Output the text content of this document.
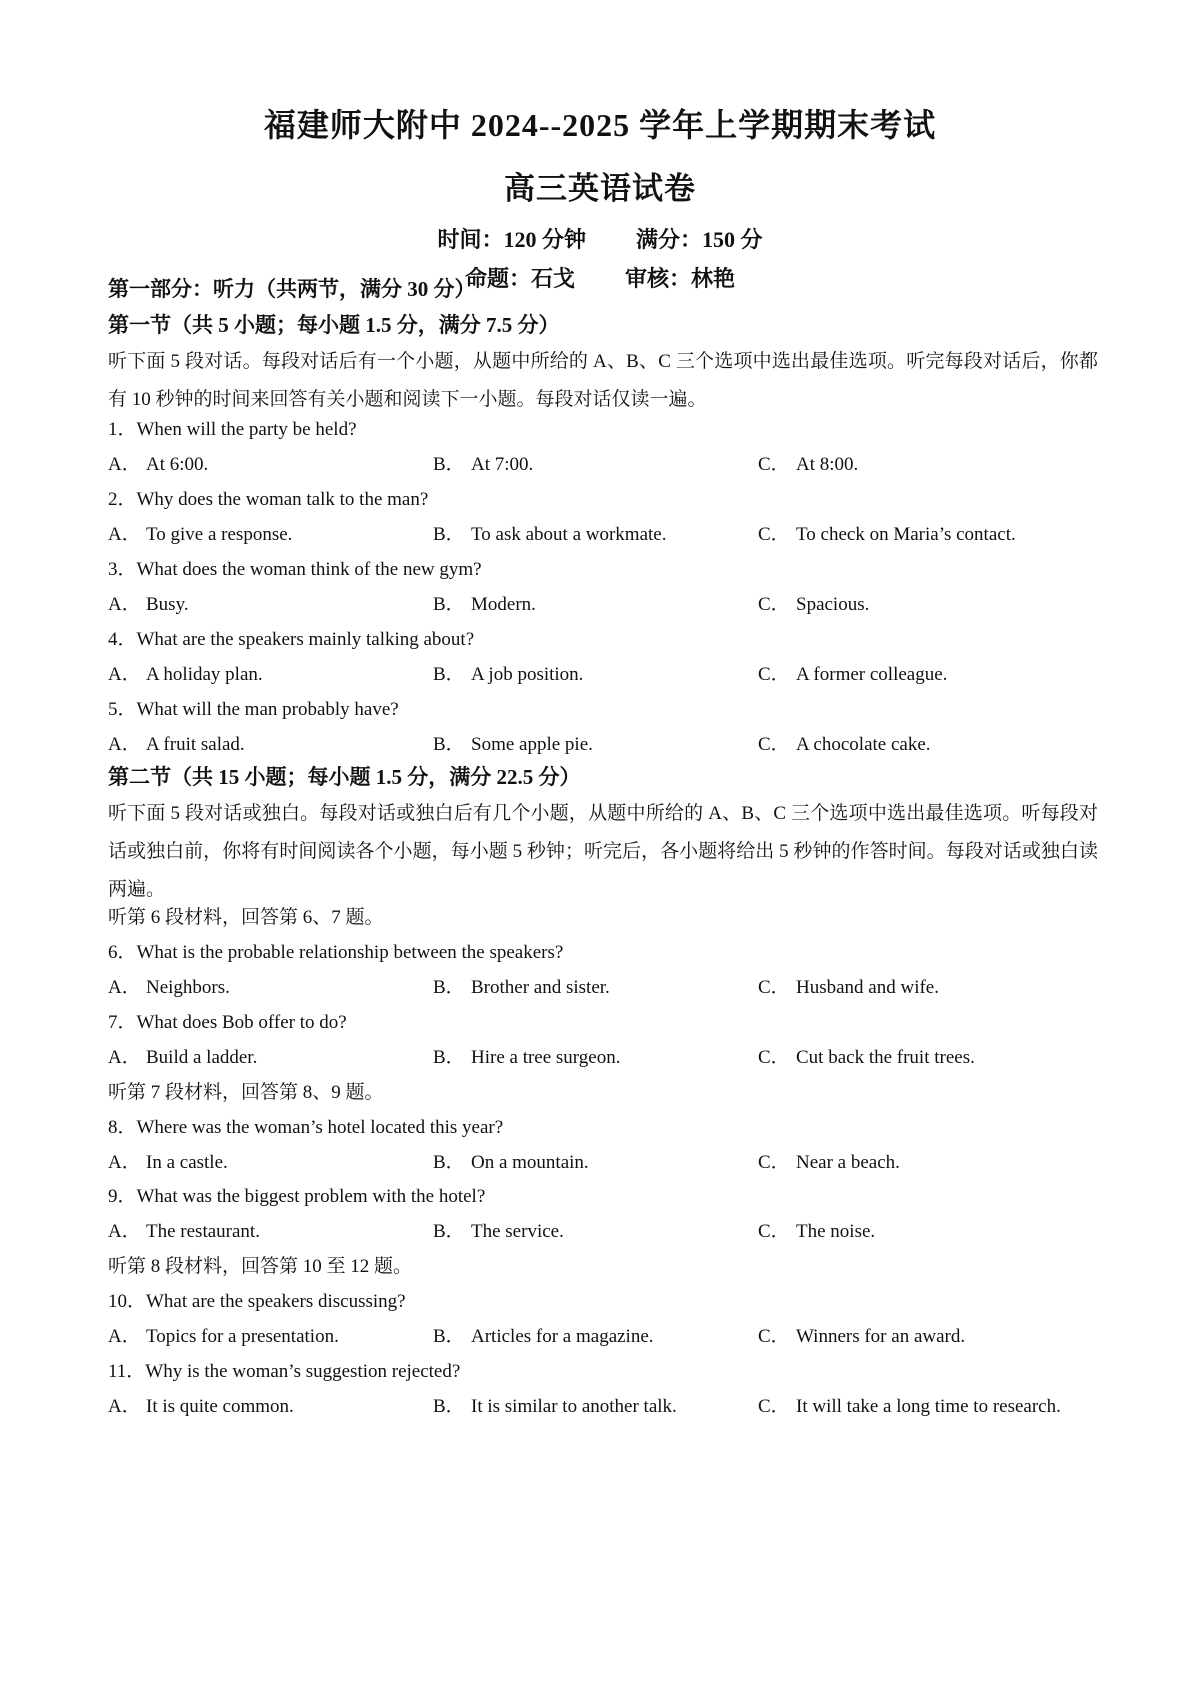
福建师大附中 2024--2025 学年上学期期末考试
高三英语试卷
时间：120 分钟 满分：150 分
命题：石戈 审核：林艳
第一部分：听力（共两节，满分 30 分）
第一节（共 5 小题；每小题 1.5 分，满分 7.5 分）
听下面 5 段对话。每段对话后有一个小题，从题中所给的 A、B、C 三个选项中选出最佳选项。听完每段对话后，你都有 10 秒钟的时间来回答有关小题和阅读下一小题。每段对话仅读一遍。
1．When will the party be held?
A． At 6:00.	B． At 7:00.	C． At 8:00.
2．Why does the woman talk to the man?
A． To give a response.	B． To ask about a workmate.	C． To check on Maria’s contact.
3．What does the woman think of the new gym?
A． Busy.	B． Modern.	C． Spacious.
4．What are the speakers mainly talking about?
A． A holiday plan.	B． A job position.	C． A former colleague.
5．What will the man probably have?
A． A fruit salad.	B． Some apple pie.	C． A chocolate cake.
第二节（共 15 小题；每小题 1.5 分，满分 22.5 分）
听下面 5 段对话或独白。每段对话或独白后有几个小题，从题中所给的 A、B、C 三个选项中选出最佳选项。听每段对话或独白前，你将有时间阅读各个小题，每小题 5 秒钟；听完后，各小题将给出 5 秒钟的作答时间。每段对话或独白读两遍。
听第 6 段材料，回答第 6、7 题。
6．What is the probable relationship between the speakers?
A． Neighbors.	B． Brother and sister.	C． Husband and wife.
7．What does Bob offer to do?
A． Build a ladder.	B． Hire a tree surgeon.	C． Cut back the fruit trees.
听第 7 段材料，回答第 8、9 题。
8．Where was the woman’s hotel located this year?
A． In a castle.	B． On a mountain.	C． Near a beach.
9．What was the biggest problem with the hotel?
A． The restaurant.	B． The service.	C． The noise.
听第 8 段材料，回答第 10 至 12 题。
10．What are the speakers discussing?
A． Topics for a presentation.	B． Articles for a magazine.	C． Winners for an award.
11．Why is the woman’s suggestion rejected?
A． It is quite common.	B． It is similar to another talk.	C． It will take a long time to research.
